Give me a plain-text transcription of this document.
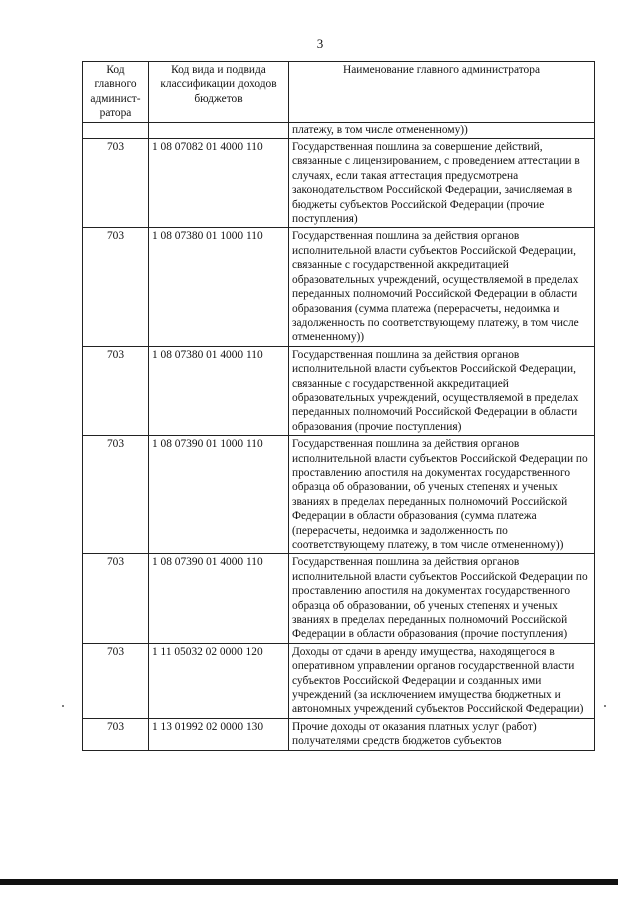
3
Код главного админист-ратора	Код вида и подвида классификации доходов бюджетов	Наименование главного администратора
		платежу, в том числе отмененному))
703	1 08 07082 01 4000 110	Государственная пошлина за совершение действий, связанные с лицензированием, с проведением аттестации в случаях, если такая аттестация предусмотрена законодательством Российской Федерации, зачисляемая в бюджеты субъектов Российской Федерации (прочие поступления)
703	1 08 07380 01 1000 110	Государственная пошлина за действия органов исполнительной власти субъектов Российской Федерации, связанные с государственной аккредитацией образовательных учреждений, осуществляемой в пределах переданных полномочий Российской Федерации в области образования (сумма платежа (перерасчеты, недоимка и задолженность по соответствующему платежу, в том числе отмененному))
703	1 08 07380 01 4000 110	Государственная пошлина за действия органов исполнительной власти субъектов Российской Федерации, связанные с государственной аккредитацией образовательных учреждений, осуществляемой в пределах переданных полномочий Российской Федерации в области образования (прочие поступления)
703	1 08 07390 01 1000 110	Государственная пошлина за действия органов исполнительной власти субъектов Российской Федерации по проставлению апостиля на документах государственного образца об образовании, об ученых степенях и ученых званиях в пределах переданных полномочий Российской Федерации в области образования (сумма платежа (перерасчеты, недоимка и задолженность по соответствующему платежу, в том числе отмененному))
703	1 08 07390 01 4000 110	Государственная пошлина за действия органов исполнительной власти субъектов Российской Федерации по проставлению апостиля на документах государственного образца об образовании, об ученых степенях и ученых званиях в пределах переданных полномочий Российской Федерации в области образования (прочие поступления)
703	1 11 05032 02 0000 120	Доходы от сдачи в аренду имущества, находящегося в оперативном управлении органов государственной власти субъектов Российской Федерации и созданных ими учреждений (за исключением имущества бюджетных и автономных учреждений субъектов Российской Федерации)
703	1 13 01992 02 0000 130	Прочие доходы от оказания платных услуг (работ) получателями средств бюджетов субъектов
